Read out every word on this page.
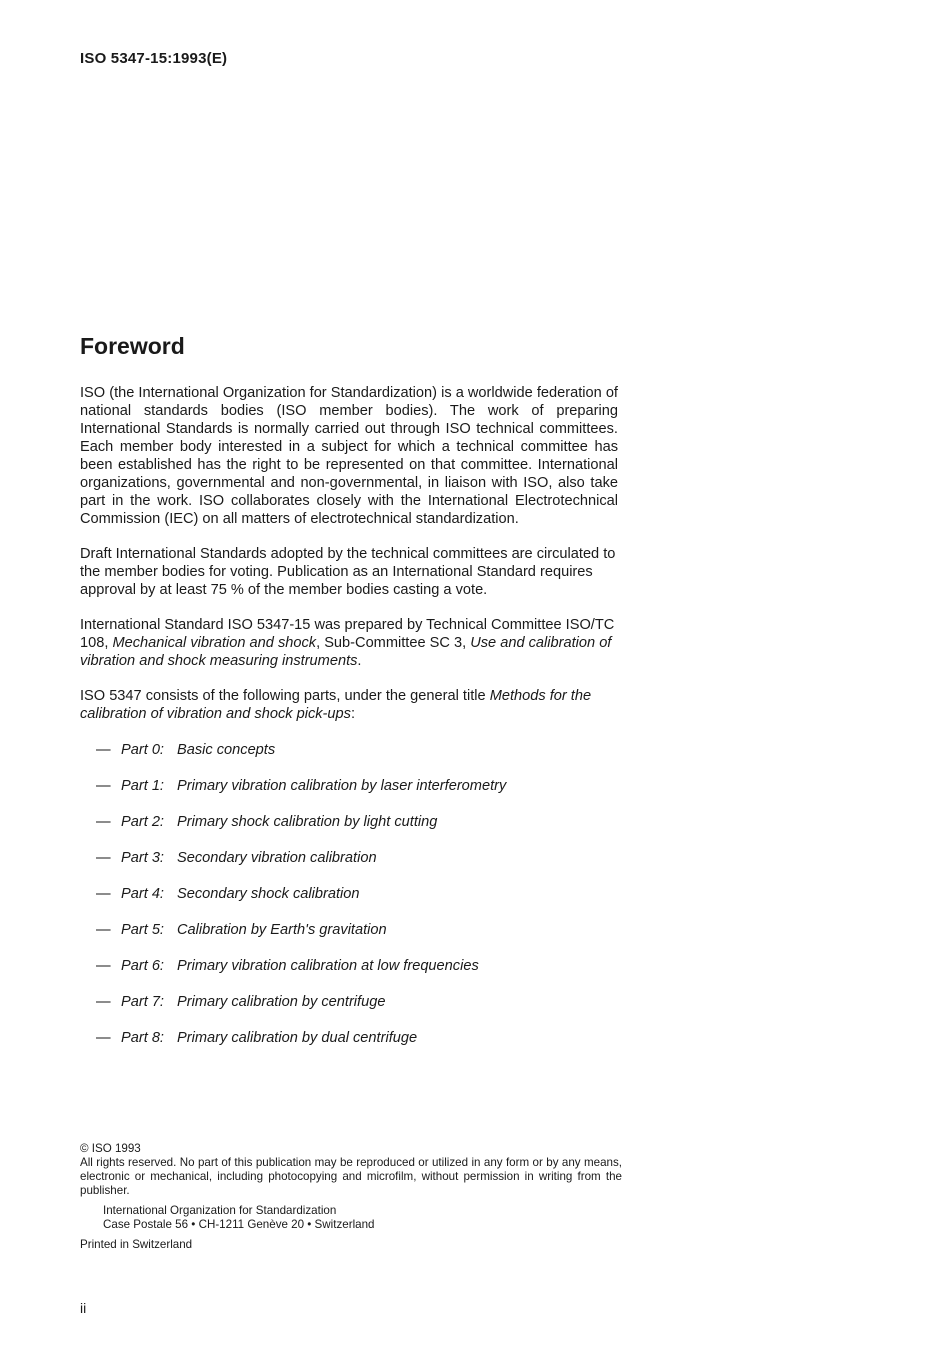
ISO 5347-15:1993(E)
Foreword

ISO (the International Organization for Standardization) is a worldwide federation of national standards bodies (ISO member bodies). The work of preparing International Standards is normally carried out through ISO technical committees. Each member body interested in a subject for which a technical committee has been established has the right to be represented on that committee. International organizations, governmental and non-governmental, in liaison with ISO, also take part in the work. ISO collaborates closely with the International Electrotechnical Commission (IEC) on all matters of electrotechnical standardization.

Draft International Standards adopted by the technical committees are circulated to the member bodies for voting. Publication as an International Standard requires approval by at least 75 % of the member bodies casting a vote.

International Standard ISO 5347-15 was prepared by Technical Committee ISO/TC 108, Mechanical vibration and shock, Sub-Committee SC 3, Use and calibration of vibration and shock measuring instruments.

ISO 5347 consists of the following parts, under the general title Methods for the calibration of vibration and shock pick-ups:

— Part 0: Basic concepts
— Part 1: Primary vibration calibration by laser interferometry
— Part 2: Primary shock calibration by light cutting
— Part 3: Secondary vibration calibration
— Part 4: Secondary shock calibration
— Part 5: Calibration by Earth's gravitation
— Part 6: Primary vibration calibration at low frequencies
— Part 7: Primary calibration by centrifuge
— Part 8: Primary calibration by dual centrifuge

© ISO 1993

All rights reserved. No part of this publication may be reproduced or utilized in any form or by any means, electronic or mechanical, including photocopying and microfilm, without permission in writing from the publisher.

International Organization for Standardization

Case Postale 56 • CH-1211 Genève 20 • Switzerland

Printed in Switzerland

ii
